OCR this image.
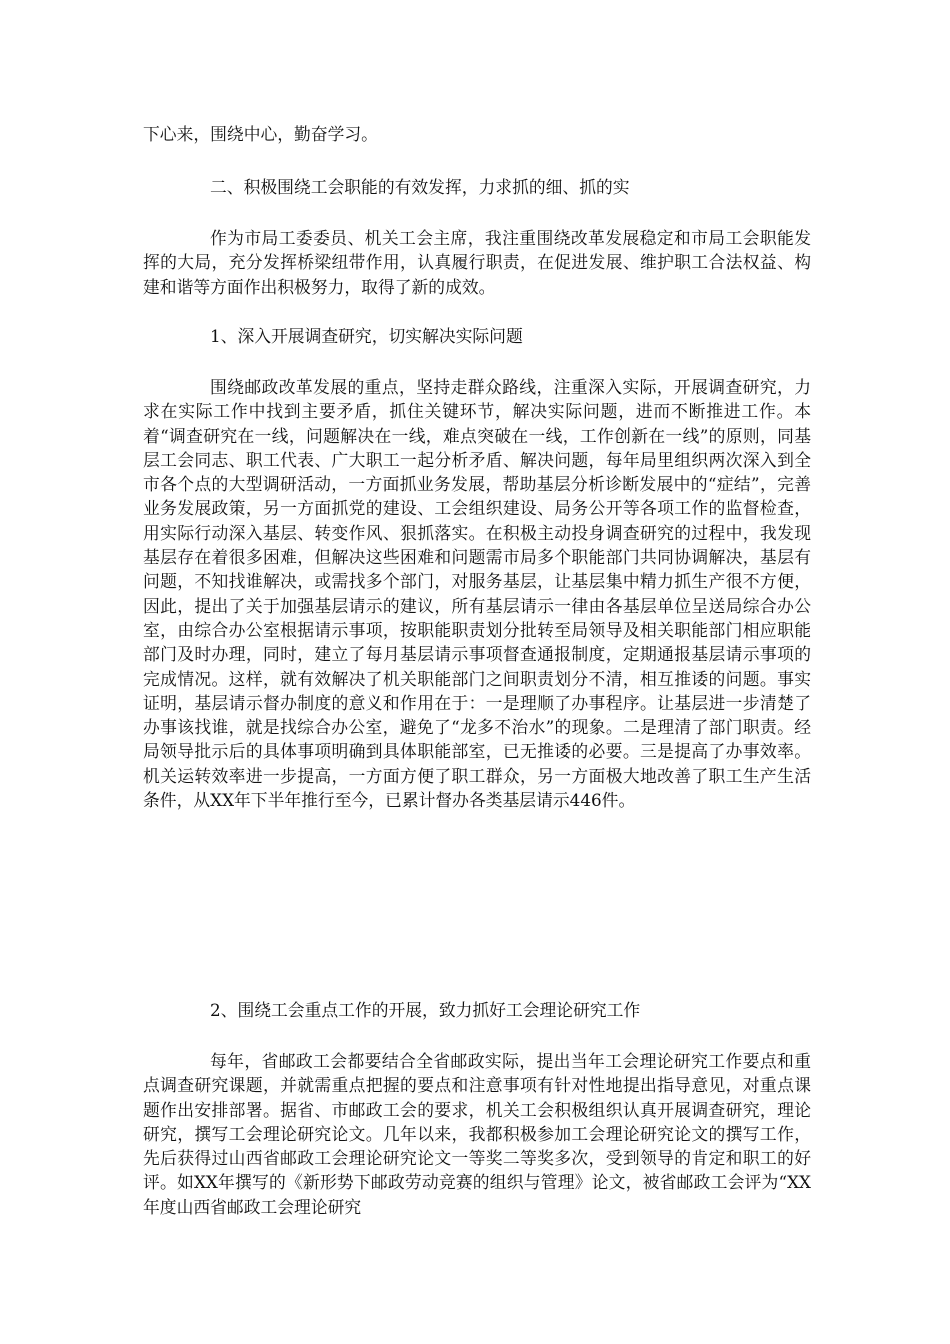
下心来，围绕中心，勤奋学习。

二、积极围绕工会职能的有效发挥，力求抓的细、抓的实

作为市局工委委员、机关工会主席，我注重围绕改革发展稳定和市局工会职能发挥的大局，充分发挥桥梁纽带作用，认真履行职责，在促进发展、维护职工合法权益、构建和谐等方面作出积极努力，取得了新的成效。

1、深入开展调查研究，切实解决实际问题

围绕邮政改革发展的重点，坚持走群众路线，注重深入实际，开展调查研究，力求在实际工作中找到主要矛盾，抓住关键环节，解决实际问题，进而不断推进工作。本着“调查研究在一线，问题解决在一线，难点突破在一线，工作创新在一线”的原则，同基层工会同志、职工代表、广大职工一起分析矛盾、解决问题，每年局里组织两次深入到全市各个点的大型调研活动，一方面抓业务发展，帮助基层分析诊断发展中的“症结”，完善业务发展政策，另一方面抓党的建设、工会组织建设、局务公开等各项工作的监督检查，用实际行动深入基层、转变作风、狠抓落实。在积极主动投身调查研究的过程中，我发现基层存在着很多困难，但解决这些困难和问题需市局多个职能部门共同协调解决，基层有问题，不知找谁解决，或需找多个部门，对服务基层，让基层集中精力抓生产很不方便，因此，提出了关于加强基层请示的建议，所有基层请示一律由各基层单位呈送局综合办公室，由综合办公室根据请示事项，按职能职责划分批转至局领导及相关职能部门相应职能部门及时办理，同时，建立了每月基层请示事项督查通报制度，定期通报基层请示事项的完成情况。这样，就有效解决了机关职能部门之间职责划分不清，相互推诿的问题。事实证明，基层请示督办制度的意义和作用在于：一是理顺了办事程序。让基层进一步清楚了办事该找谁，就是找综合办公室，避免了“龙多不治水”的现象。二是理清了部门职责。经局领导批示后的具体事项明确到具体职能部室，已无推诿的必要。三是提高了办事效率。机关运转效率进一步提高，一方面方便了职工群众，另一方面极大地改善了职工生产生活条件，从XX年下半年推行至今，已累计督办各类基层请示446件。

2、围绕工会重点工作的开展，致力抓好工会理论研究工作

每年，省邮政工会都要结合全省邮政实际，提出当年工会理论研究工作要点和重点调查研究课题，并就需重点把握的要点和注意事项有针对性地提出指导意见，对重点课题作出安排部署。据省、市邮政工会的要求，机关工会积极组织认真开展调查研究，理论研究，撰写工会理论研究论文。几年以来，我都积极参加工会理论研究论文的撰写工作，先后获得过山西省邮政工会理论研究论文一等奖二等奖多次，受到领导的肯定和职工的好评。如XX年撰写的《新形势下邮政劳动竞赛的组织与管理》论文，被省邮政工会评为“XX年度山西省邮政工会理论研究
